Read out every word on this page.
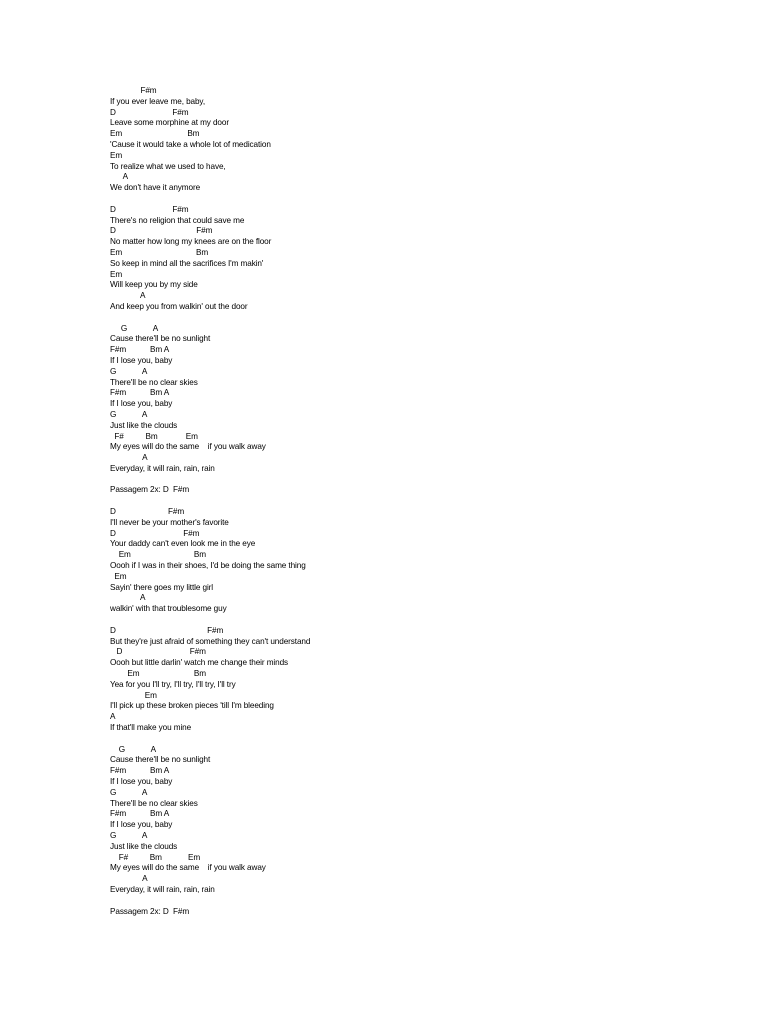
F#m
If you ever leave me, baby,
D                          F#m
Leave some morphine at my door
Em                              Bm
'Cause it would take a whole lot of medication
Em
To realize what we used to have,
A
We don't have it anymore
D                          F#m
There's no religion that could save me
D                                     F#m
No matter how long my knees are on the floor
Em                                  Bm
So keep in mind all the sacrifices I'm makin'
Em
Will keep you by my side
A
And keep you from walkin' out the door
G            A
Cause there'll be no sunlight
F#m           Bm A
If I lose you, baby
G            A
There'll be no clear skies
F#m           Bm A
If I lose you, baby
G            A
Just like the clouds
F#          Bm             Em
My eyes will do the same    if you walk away
A
Everyday, it will rain, rain, rain
Passagem 2x: D  F#m
D                        F#m
I'll never be your mother's favorite
D                               F#m
Your daddy can't even look me in the eye
Em                             Bm
Oooh if I was in their shoes, I'd be doing the same thing
Em
Sayin' there goes my little girl
A
walkin' with that troublesome guy
D                                          F#m
But they're just afraid of something they can't understand
D                               F#m
Oooh but little darlin' watch me change their minds
Em                         Bm
Yea for you I'll try, I'll try, I'll try, I'll try
Em
I'll pick up these broken pieces 'till I'm bleeding
A
If that'll make you mine
G            A
Cause there'll be no sunlight
F#m           Bm A
If I lose you, baby
G            A
There'll be no clear skies
F#m           Bm A
If I lose you, baby
G            A
Just like the clouds
F#          Bm            Em
My eyes will do the same    if you walk away
A
Everyday, it will rain, rain, rain
Passagem 2x: D  F#m
